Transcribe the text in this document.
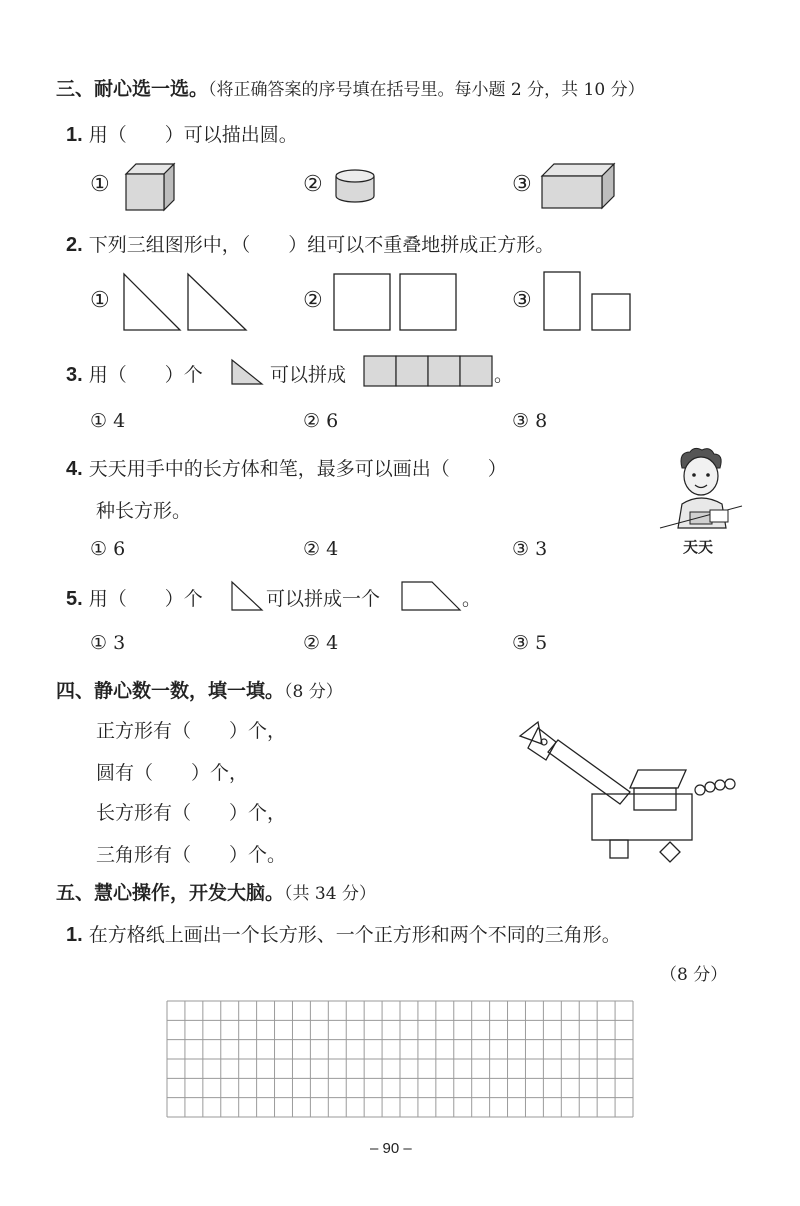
三、耐心选一选。（将正确答案的序号填在括号里。每小题 2 分，共 10 分）
1. 用（　　）可以描出圆。
①	②	③
2. 下列三组图形中，（　　）组可以不重叠地拼成正方形。
①	②	③
3. 用（　　）个	可以拼成	。
① 4	② 6	③ 8
4. 天天用手中的长方体和笔，最多可以画出（　　）
种长方形。
① 6	② 4	③ 3	天天
5. 用（　　）个	可以拼成一个	。
① 3	② 4	③ 5
四、静心数一数，填一填。（8 分）
正方形有（　　）个，
圆有（　　）个，
长方形有（　　）个，
三角形有（　　）个。
五、慧心操作，开发大脑。（共 34 分）
1. 在方格纸上画出一个长方形、一个正方形和两个不同的三角形。
（8 分）
– 90 –
